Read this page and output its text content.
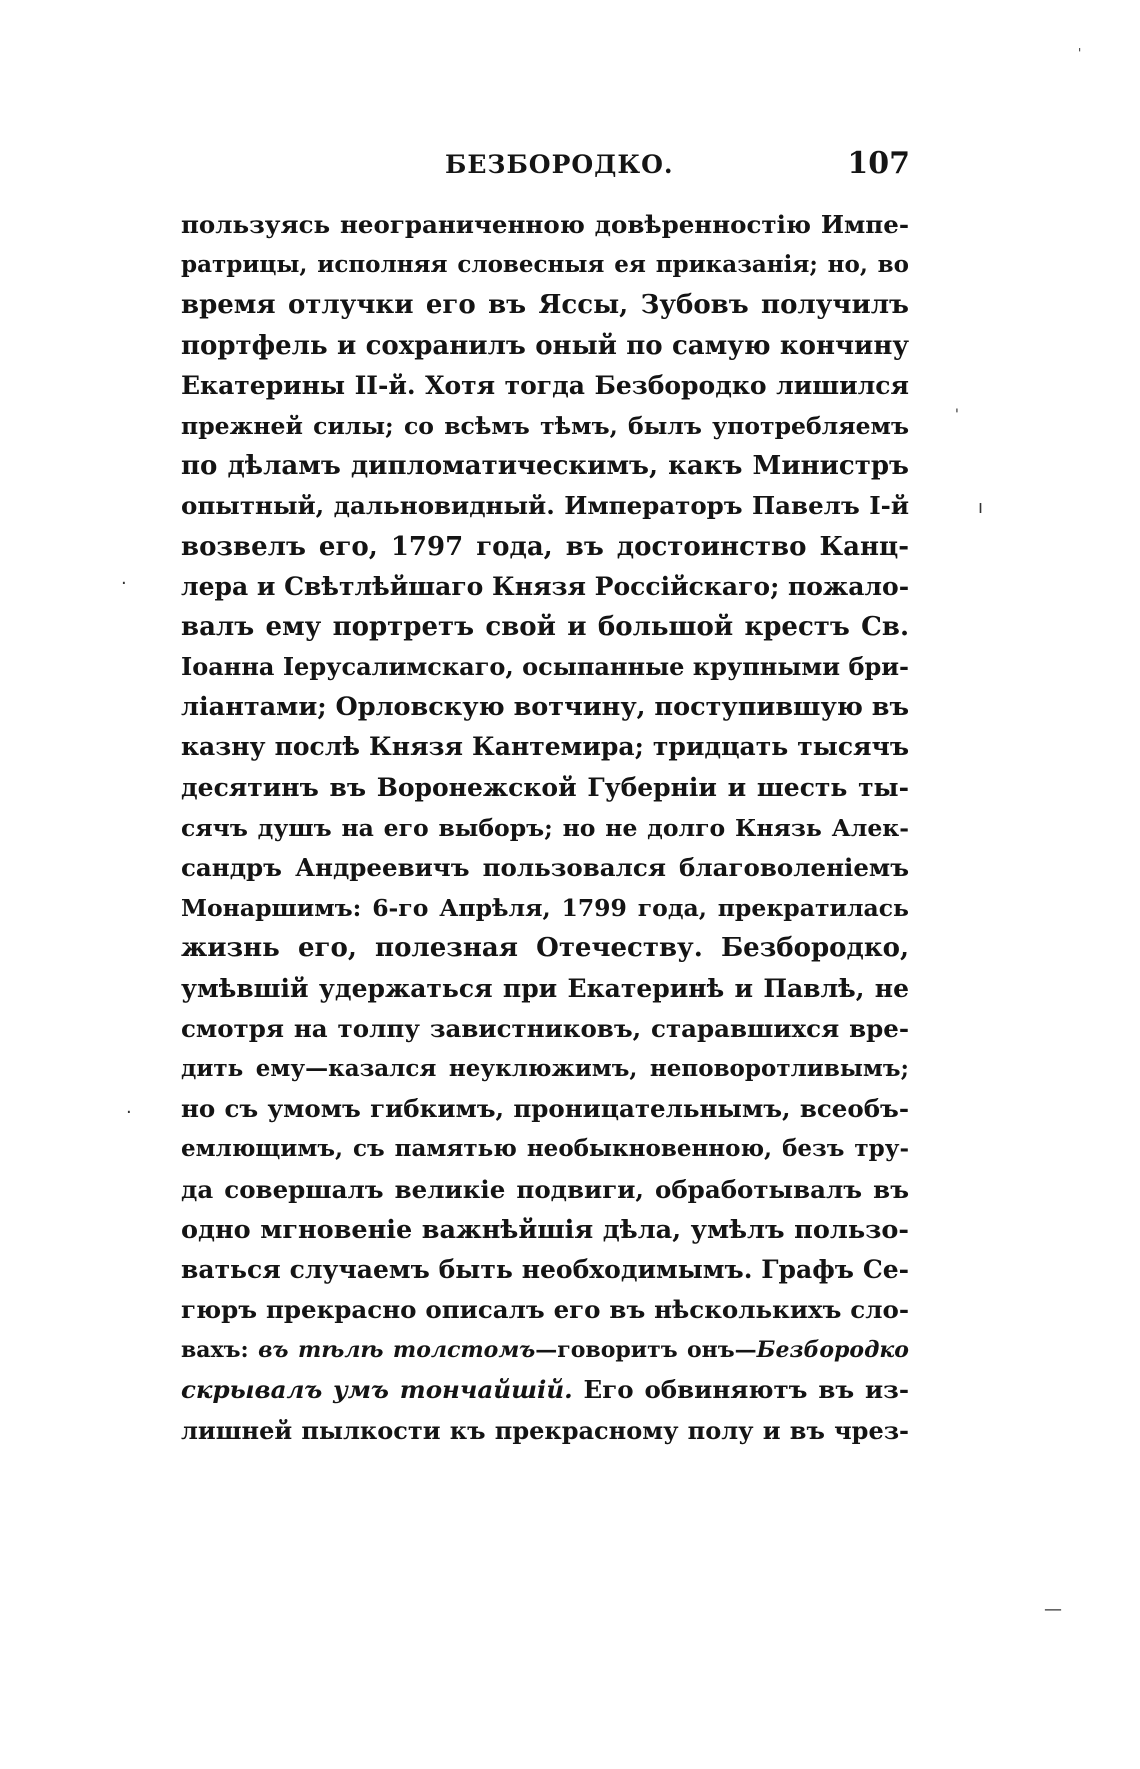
БЕЗБОРОДКО.	107
пользуясь неограниченною довѣренностію Импе-
ратрицы, исполняя словесныя ея приказанія; но, во
время отлучки его въ Яссы, Зубовъ получилъ
портфель и сохранилъ оный по самую кончину
Екатерины II-й. Хотя тогда Безбородко лишился
прежней силы; со всѣмъ тѣмъ, былъ употребляемъ
по дѣламъ дипломатическимъ, какъ Министръ
опытный, дальновидный. Императоръ Павелъ I-й
возвелъ его, 1797 года, въ достоинство Канц-
лера и Свѣтлѣйшаго Князя Россійскаго; пожало-
валъ ему портретъ свой и большой крестъ Св.
Іоанна Іерусалимскаго, осыпанные крупными бри-
ліантами; Орловскую вотчину, поступившую въ
казну послѣ Князя Кантемира; тридцать тысячъ
десятинъ въ Воронежской Губерніи и шесть ты-
сячъ душъ на его выборъ; но не долго Князь Алек-
сандръ Андреевичъ пользовался благоволеніемъ
Монаршимъ: 6-го Апрѣля, 1799 года, прекратилась
жизнь его, полезная Отечеству. Безбородко,
умѣвшій удержаться при Екатеринѣ и Павлѣ, не
смотря на толпу завистниковъ, старавшихся вре-
дить ему—казался неуклюжимъ, неповоротливымъ;
но съ умомъ гибкимъ, проницательнымъ, всеобъ-
емлющимъ, съ памятью необыкновенною, безъ тру-
да совершалъ великіе подвиги, обработывалъ въ
одно мгновеніе важнѣйшія дѣла, умѣлъ пользо-
ваться случаемъ быть необходимымъ. Графъ Се-
гюръ прекрасно описалъ его въ нѣсколькихъ сло-
вахъ: въ тѣлѣ толстомъ—говоритъ онъ—Безбородко
скрывалъ умъ тончайшій. Его обвиняютъ въ из-
лишней пылкости къ прекрасному полу и въ чрез-
·
·
'
ı
'
—
